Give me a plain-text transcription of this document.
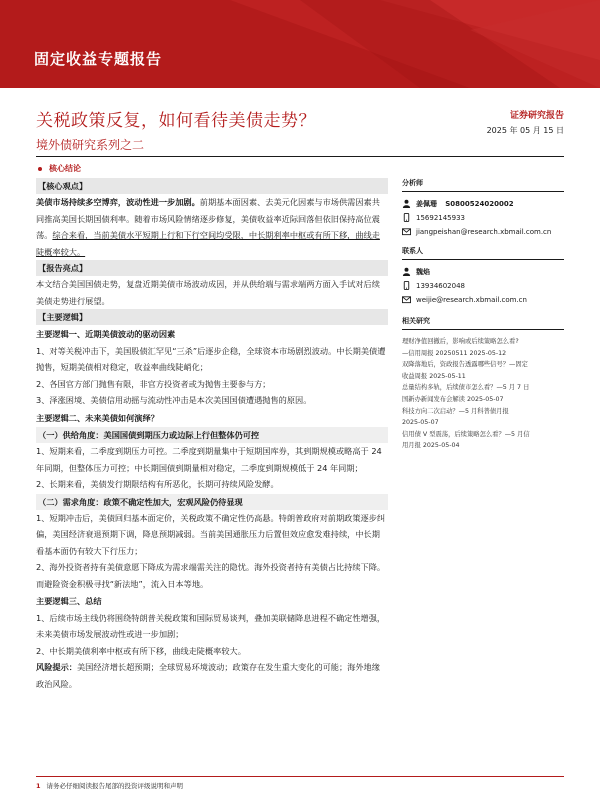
固定收益专题报告
关税政策反复，如何看待美债走势？	证券研究报告
2025 年 05 月 15 日
境外债研究系列之二
核心结论
【核心观点】
美债市场持续多空博弈，波动性进一步加剧。前期基本面因素、去美元化因素与市场供需因素共同推高美国长期国债利率。随着市场风险情绪逐步修复，美债收益率近际回落但依旧保持高位震荡。综合来看，当前美债水平短期上行和下行空间均受限，中长期利率中枢或有所下移，曲线走陡概率较大。
【报告亮点】
本文结合美国国债走势，复盘近期美债市场波动成因，并从供给端与需求端两方面入手试对后续美债走势进行展望。
【主要逻辑】
主要逻辑一、近期美债波动的驱动因素
1、对等关税冲击下，美国股债汇罕见“三杀”后逐步企稳，全球资本市场剧烈波动。中长期美债遭抛售，短期美债相对稳定，收益率曲线陡峭化；
2、各国官方部门抛售有限，非官方投资者或为抛售主要参与方；
3、泽涨困境、美债信用动摇与流动性冲击是本次美国国债遭遇抛售的原因。
主要逻辑二、未来美债如何演绎？
（一）供给角度：美国国债到期压力或边际上行但整体仍可控
1、短期来看，二季度到期压力可控。二季度到期量集中于短期国库券，其到期规模或略高于 24 年同期，但整体压力可控；中长期国债到期量相对稳定，二季度到期规模低于 24 年同期；
2、长期来看，美债发行期限结构有所恶化，长期可持续风险发酵。
（二）需求角度：政策不确定性加大，宏观风险仍待显现
1、短期冲击后，美债回归基本面定价，关税政策不确定性仍高悬。特朗普政府对前期政策逐步纠偏，美国经济衰退预期下调，降息预期减弱。当前美国通胀压力后置但效应愈发难持续，中长期看基本面仍有较大下行压力；
2、海外投资者持有美债意愿下降成为需求端需关注的隐忧。海外投资者持有美债占比持续下降。而避险资金积极寻找“新法地”，流入日本等地。
主要逻辑三、总结
1、后续市场主线仍将围绕特朗普关税政策和国际贸易谈判，叠加美联储降息进程不确定性增强，未来美债市场发展波动性或进一步加剧；
2、中长期美债利率中枢或有所下移，曲线走陡概率较大。
风险提示：美国经济增长超预期；全球贸易环境波动；政策存在发生重大变化的可能；海外地缘政治风险。
分析师
姜佩珊 S0800524020002
15692145933
jiangpeishan@research.xbmail.com.cn
联系人
魏焰
13934602048
weijie@research.xbmail.com.cn
相关研究
理财净值回撤后，影响或后续策略怎么看?
—信用周报 20250511 2025-05-12
双降落地后，资政报告透露哪些信号？—固定
收益周报 2025-05-11
总量结构多轨，后续债市怎么看？—5 月 7 日
国新办新闻发布会解读 2025-05-07
科技方向二次启动？—5 月科普债月报
2025-05-07
信用债 V 型震荡，后续策略怎么看？—5 月信
用月报 2025-05-04
1 请务必仔细阅读报告尾部的投资评级说明和声明
